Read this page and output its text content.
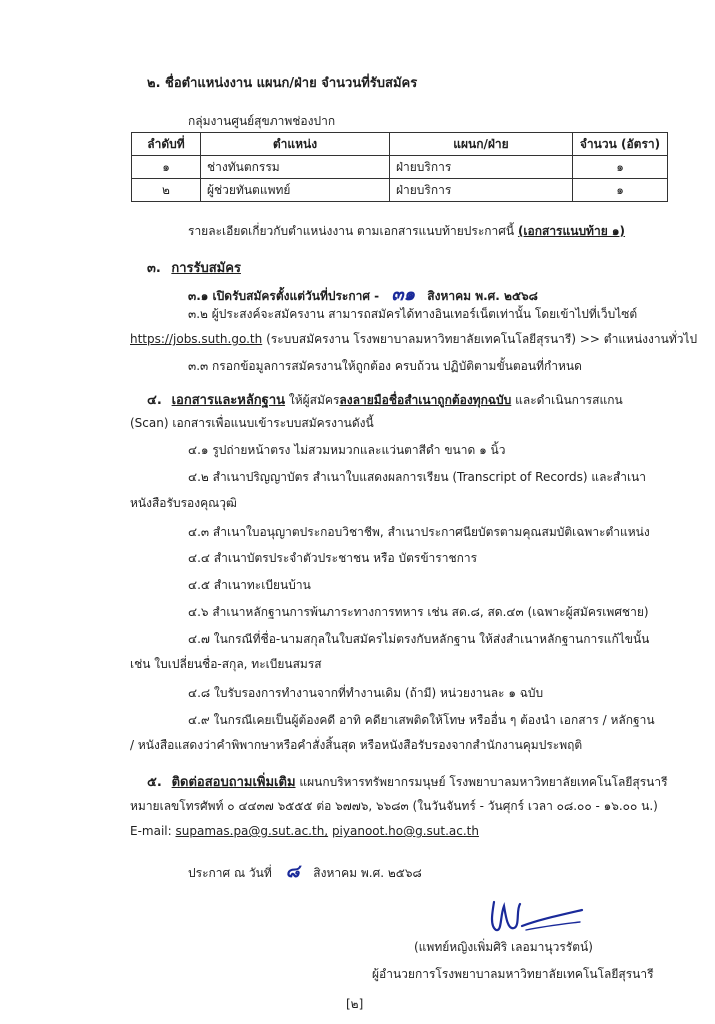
๒. ชื่อตำแหน่งงาน แผนก/ฝ่าย จำนวนที่รับสมัคร
กลุ่มงานศูนย์สุขภาพช่องปาก
ลำดับที่	ตำแหน่ง	แผนก/ฝ่าย	จำนวน (อัตรา)
๑	ช่างทันตกรรม	ฝ่ายบริการ	๑
๒	ผู้ช่วยทันตแพทย์	ฝ่ายบริการ	๑
รายละเอียดเกี่ยวกับตำแหน่งงาน ตามเอกสารแนบท้ายประกาศนี้ (เอกสารแนบท้าย ๑)
๓. การรับสมัคร
๓.๑ เปิดรับสมัครตั้งแต่วันที่ประกาศ - ๓๑ สิงหาคม พ.ศ. ๒๕๖๘
๓.๒ ผู้ประสงค์จะสมัครงาน สามารถสมัครได้ทางอินเทอร์เน็ตเท่านั้น โดยเข้าไปที่เว็บไซต์
https://jobs.suth.go.th (ระบบสมัครงาน โรงพยาบาลมหาวิทยาลัยเทคโนโลยีสุรนารี) >> ตำแหน่งงานทั่วไป
๓.๓ กรอกข้อมูลการสมัครงานให้ถูกต้อง ครบถ้วน ปฏิบัติตามขั้นตอนที่กำหนด
๔. เอกสารและหลักฐาน ให้ผู้สมัครลงลายมือชื่อสำเนาถูกต้องทุกฉบับ และดำเนินการสแกน
(Scan) เอกสารเพื่อแนบเข้าระบบสมัครงานดังนี้
๔.๑ รูปถ่ายหน้าตรง ไม่สวมหมวกและแว่นตาสีดำ ขนาด ๑ นิ้ว
๔.๒ สำเนาปริญญาบัตร สำเนาใบแสดงผลการเรียน (Transcript of Records) และสำเนา
หนังสือรับรองคุณวุฒิ
๔.๓ สำเนาใบอนุญาตประกอบวิชาชีพ, สำเนาประกาศนียบัตรตามคุณสมบัติเฉพาะตำแหน่ง
๔.๔ สำเนาบัตรประจำตัวประชาชน หรือ บัตรข้าราชการ
๔.๕ สำเนาทะเบียนบ้าน
๔.๖ สำเนาหลักฐานการพ้นภาระทางการทหาร เช่น สด.๘, สด.๔๓ (เฉพาะผู้สมัครเพศชาย)
๔.๗ ในกรณีที่ชื่อ-นามสกุลในใบสมัครไม่ตรงกับหลักฐาน ให้ส่งสำเนาหลักฐานการแก้ไขนั้น
เช่น ใบเปลี่ยนชื่อ-สกุล, ทะเบียนสมรส
๔.๘ ใบรับรองการทำงานจากที่ทำงานเดิม (ถ้ามี) หน่วยงานละ ๑ ฉบับ
๔.๙ ในกรณีเคยเป็นผู้ต้องคดี อาทิ คดียาเสพติดให้โทษ หรืออื่น ๆ ต้องนำ เอกสาร / หลักฐาน
/ หนังสือแสดงว่าคำพิพากษาหรือคำสั่งสิ้นสุด หรือหนังสือรับรองจากสำนักงานคุมประพฤติ
๕. ติดต่อสอบถามเพิ่มเติม แผนกบริหารทรัพยากรมนุษย์ โรงพยาบาลมหาวิทยาลัยเทคโนโลยีสุรนารี
หมายเลขโทรศัพท์ ๐ ๔๔๓๗ ๖๕๕๕ ต่อ ๖๗๗๖, ๖๖๘๓ (ในวันจันทร์ - วันศุกร์ เวลา ๐๘.๐๐ - ๑๖.๐๐ น.)
E-mail: supamas.pa@g.sut.ac.th, piyanoot.ho@g.sut.ac.th
ประกาศ ณ วันที่ ๘ สิงหาคม พ.ศ. ๒๕๖๘
(แพทย์หญิงเพิ่มศิริ เลอมานุวรรัตน์)
ผู้อำนวยการโรงพยาบาลมหาวิทยาลัยเทคโนโลยีสุรนารี
[๒]
